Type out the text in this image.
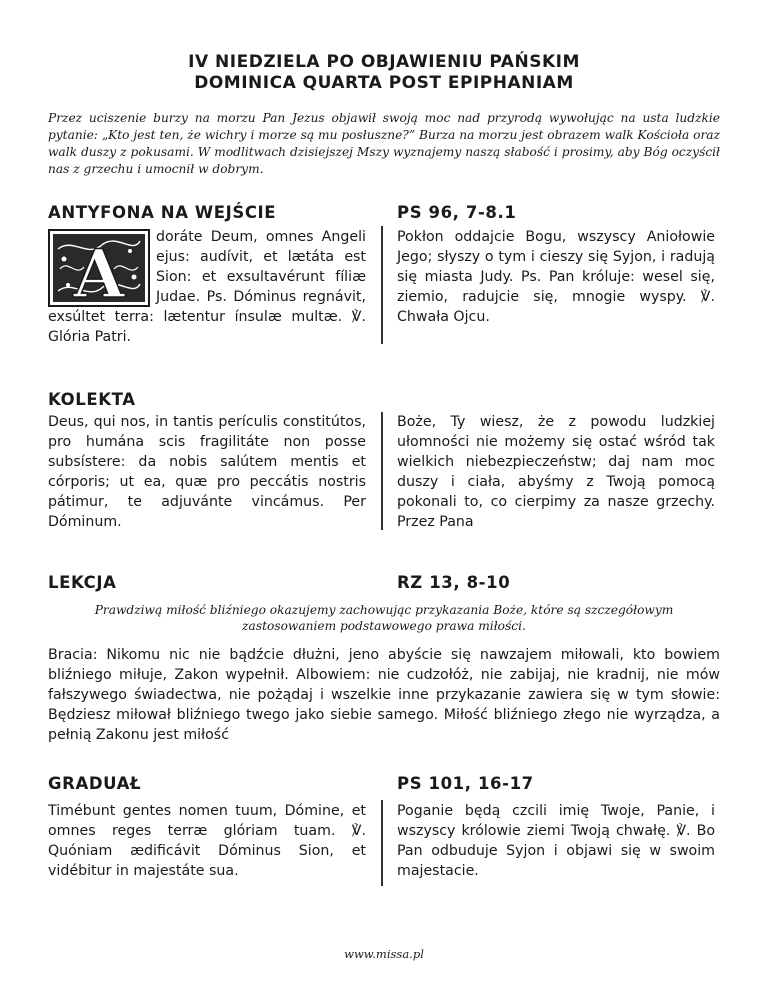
IV NIEDZIELA PO OBJAWIENIU PAŃSKIM
DOMINICA QUARTA POST EPIPHANIAM
Przez uciszenie burzy na morzu Pan Jezus objawił swoją moc nad przyrodą wywołując na usta ludzkie pytanie: „Kto jest ten, że wichry i morze są mu posłuszne?” Burza na morzu jest obrazem walk Kościoła oraz walk duszy z pokusami. W modlitwach dzisiejszej Mszy wyznajemy naszą słabość i prosimy, aby Bóg oczyścił nas z grzechu i umocnił w dobrym.
ANTYFONA NA WEJŚCIE	PS 96, 7-8.1
A doráte Deum, omnes Angeli ejus: audívit, et lætáta est Sion: et exsultavérunt fíliæ Judae. Ps. Dóminus regnávit, exsúltet terra: lætentur ínsulæ multæ. ℣. Glória Patri.
Pokłon oddajcie Bogu, wszyscy Aniołowie Jego; słyszy o tym i cieszy się Syjon, i radują się miasta Judy. Ps. Pan króluje: wesel się, ziemio, radujcie się, mnogie wyspy. ℣. Chwała Ojcu.
KOLEKTA
Deus, qui nos, in tantis perículis constitútos, pro humána scis fragilitáte non posse subsístere: da nobis salútem mentis et córporis; ut ea, quæ pro peccátis nostris pátimur, te adjuvánte vincámus. Per Dóminum.
Boże, Ty wiesz, że z powodu ludzkiej ułomności nie możemy się ostać wśród tak wielkich niebezpieczeństw; daj nam moc duszy i ciała, abyśmy z Twoją pomocą pokonali to, co cierpimy za nasze grzechy. Przez Pana
LEKCJA	RZ 13, 8-10
Prawdziwą miłość bliźniego okazujemy zachowując przykazania Boże, które są szczegółowym
zastosowaniem podstawowego prawa miłości.
Bracia: Nikomu nic nie bądźcie dłużni, jeno abyście się nawzajem miłowali, kto bowiem bliźniego miłuje, Zakon wypełnił. Albowiem: nie cudzołóż, nie zabijaj, nie kradnij, nie mów fałszywego świadectwa, nie pożądaj i wszelkie inne przykazanie zawiera się w tym słowie: Będziesz miłował bliźniego twego jako siebie samego. Miłość bliźniego złego nie wyrządza, a pełnią Zakonu jest miłość
GRADUAŁ	PS 101, 16-17
Timébunt gentes nomen tuum, Dómine, et omnes reges terræ glóriam tuam. ℣. Quóniam ædificávit Dóminus Sion, et vidébitur in majestáte sua.
Poganie będą czcili imię Twoje, Panie, i wszyscy królowie ziemi Twoją chwałę. ℣. Bo Pan odbuduje Syjon i objawi się w swoim majestacie.
www.missa.pl
